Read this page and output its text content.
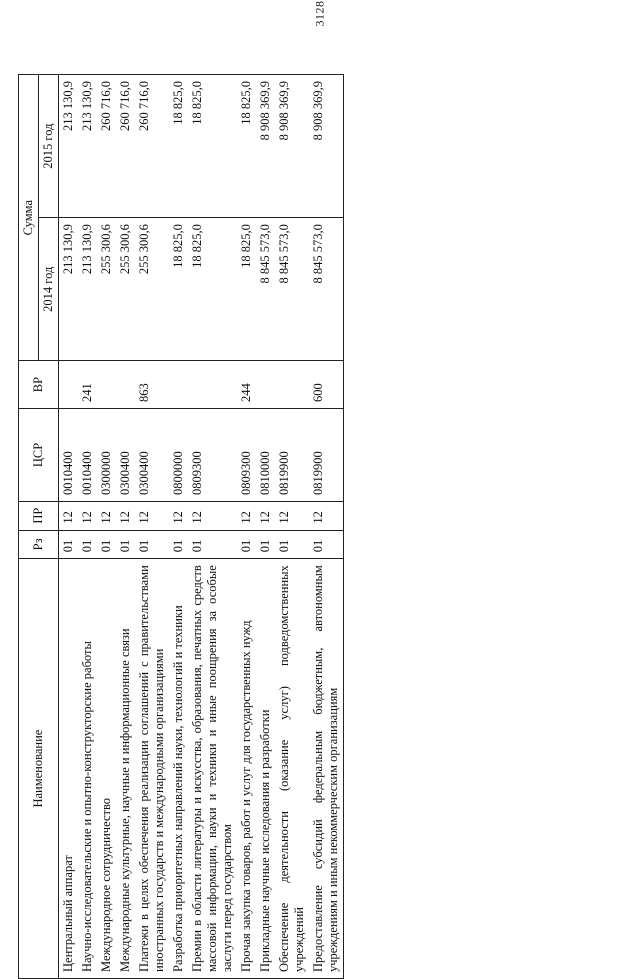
3128
Наименование	Рз	ПР	ЦСР	ВР	Сумма	
					2014 год	2015 год
Центральный аппарат	01	12	0010400		213 130,9	213 130,9
Научно-исследовательские и опытно-конструкторские работы	01	12	0010400	241	213 130,9	213 130,9
Международное сотрудничество	01	12	0300000		255 300,6	260 716,0
Международные культурные, научные и информационные связи	01	12	0300400		255 300,6	260 716,0
Платежи в целях обеспечения реализации соглашений с правительствами иностранных государств и международными организациями	01	12	0300400	863	255 300,6	260 716,0
Разработка приоритетных направлений науки, технологий и техники	01	12	0800000		18 825,0	18 825,0
Премии в области литературы и искусства, образования, печатных средств массовой информации, науки и техники и иные поощрения за особые заслуги перед государством	01	12	0809300		18 825,0	18 825,0
Прочая закупка товаров, работ и услуг для государственных нужд	01	12	0809300	244	18 825,0	18 825,0
Прикладные научные исследования и разработки	01	12	0810000		8 845 573,0	8 908 369,9
Обеспечение деятельности (оказание услуг) подведомственных учреждений	01	12	0819900		8 845 573,0	8 908 369,9
Предоставление субсидий федеральным бюджетным, автономным учреждениям и иным некоммерческим организациям	01	12	0819900	600	8 845 573,0	8 908 369,9
